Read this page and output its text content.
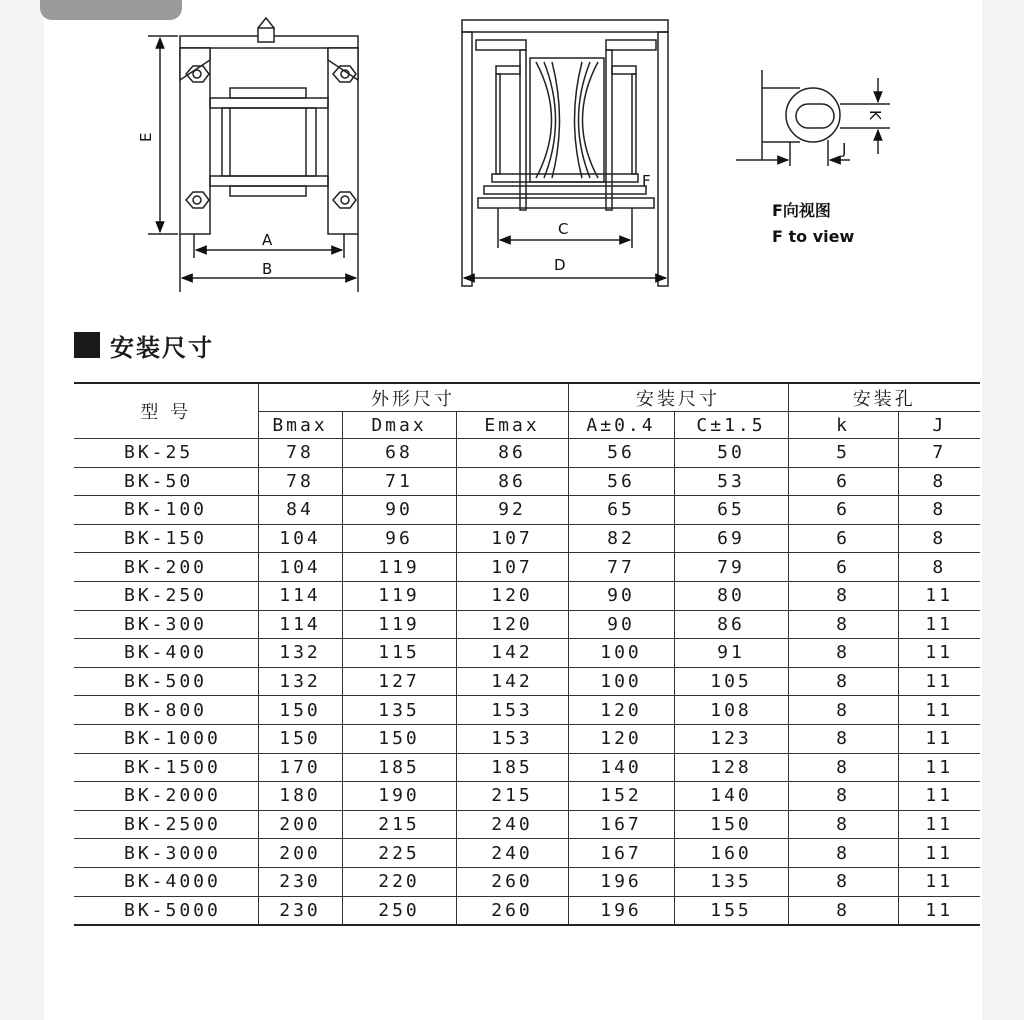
E
A
B
C
D
F
K
J
F向视图
F to view
安装尺寸
型 号	外形尺寸			安装尺寸		安装孔	
	Bmax	Dmax	Emax	A±0.4	C±1.5	k	J
BK-25	78	68	86	56	50	5	7
BK-50	78	71	86	56	53	6	8
BK-100	84	90	92	65	65	6	8
BK-150	104	96	107	82	69	6	8
BK-200	104	119	107	77	79	6	8
BK-250	114	119	120	90	80	8	11
BK-300	114	119	120	90	86	8	11
BK-400	132	115	142	100	91	8	11
BK-500	132	127	142	100	105	8	11
BK-800	150	135	153	120	108	8	11
BK-1000	150	150	153	120	123	8	11
BK-1500	170	185	185	140	128	8	11
BK-2000	180	190	215	152	140	8	11
BK-2500	200	215	240	167	150	8	11
BK-3000	200	225	240	167	160	8	11
BK-4000	230	220	260	196	135	8	11
BK-5000	230	250	260	196	155	8	11
